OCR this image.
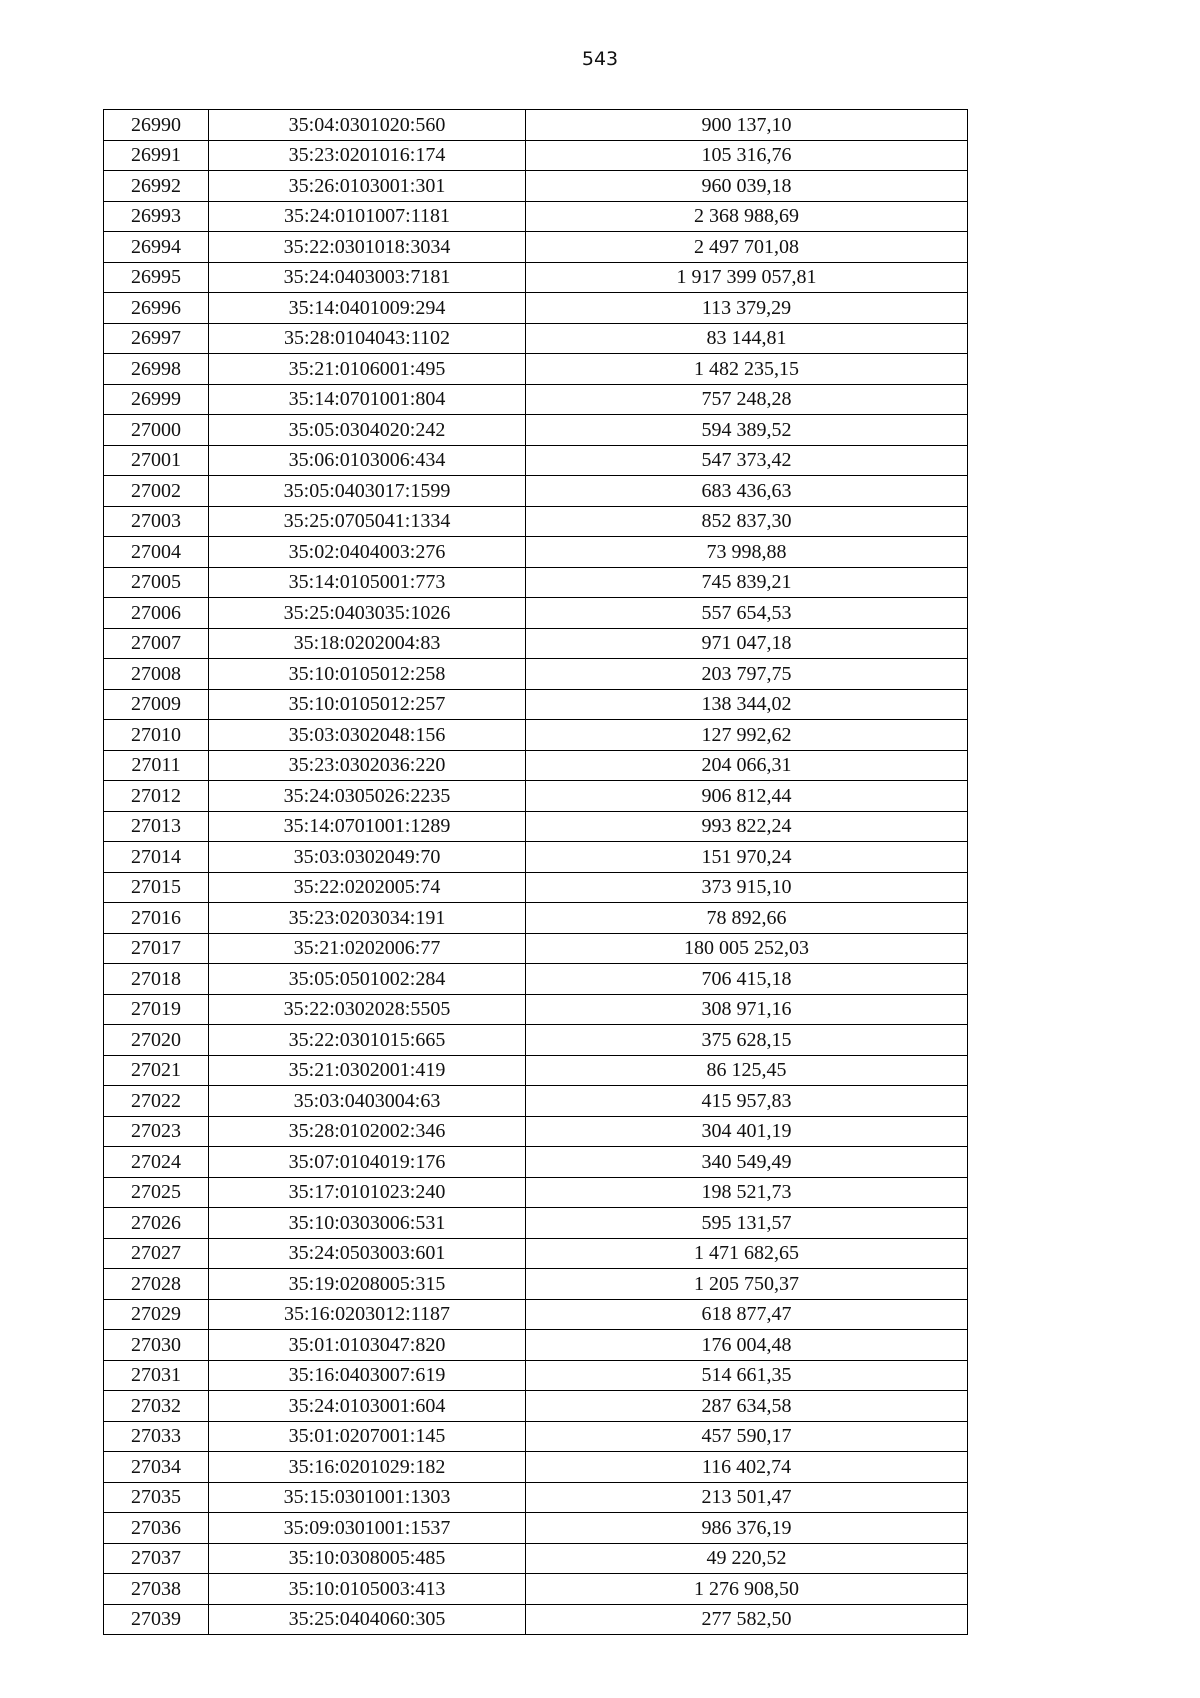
543
26990	35:04:0301020:560	900 137,10
26991	35:23:0201016:174	105 316,76
26992	35:26:0103001:301	960 039,18
26993	35:24:0101007:1181	2 368 988,69
26994	35:22:0301018:3034	2 497 701,08
26995	35:24:0403003:7181	1 917 399 057,81
26996	35:14:0401009:294	113 379,29
26997	35:28:0104043:1102	83 144,81
26998	35:21:0106001:495	1 482 235,15
26999	35:14:0701001:804	757 248,28
27000	35:05:0304020:242	594 389,52
27001	35:06:0103006:434	547 373,42
27002	35:05:0403017:1599	683 436,63
27003	35:25:0705041:1334	852 837,30
27004	35:02:0404003:276	73 998,88
27005	35:14:0105001:773	745 839,21
27006	35:25:0403035:1026	557 654,53
27007	35:18:0202004:83	971 047,18
27008	35:10:0105012:258	203 797,75
27009	35:10:0105012:257	138 344,02
27010	35:03:0302048:156	127 992,62
27011	35:23:0302036:220	204 066,31
27012	35:24:0305026:2235	906 812,44
27013	35:14:0701001:1289	993 822,24
27014	35:03:0302049:70	151 970,24
27015	35:22:0202005:74	373 915,10
27016	35:23:0203034:191	78 892,66
27017	35:21:0202006:77	180 005 252,03
27018	35:05:0501002:284	706 415,18
27019	35:22:0302028:5505	308 971,16
27020	35:22:0301015:665	375 628,15
27021	35:21:0302001:419	86 125,45
27022	35:03:0403004:63	415 957,83
27023	35:28:0102002:346	304 401,19
27024	35:07:0104019:176	340 549,49
27025	35:17:0101023:240	198 521,73
27026	35:10:0303006:531	595 131,57
27027	35:24:0503003:601	1 471 682,65
27028	35:19:0208005:315	1 205 750,37
27029	35:16:0203012:1187	618 877,47
27030	35:01:0103047:820	176 004,48
27031	35:16:0403007:619	514 661,35
27032	35:24:0103001:604	287 634,58
27033	35:01:0207001:145	457 590,17
27034	35:16:0201029:182	116 402,74
27035	35:15:0301001:1303	213 501,47
27036	35:09:0301001:1537	986 376,19
27037	35:10:0308005:485	49 220,52
27038	35:10:0105003:413	1 276 908,50
27039	35:25:0404060:305	277 582,50
